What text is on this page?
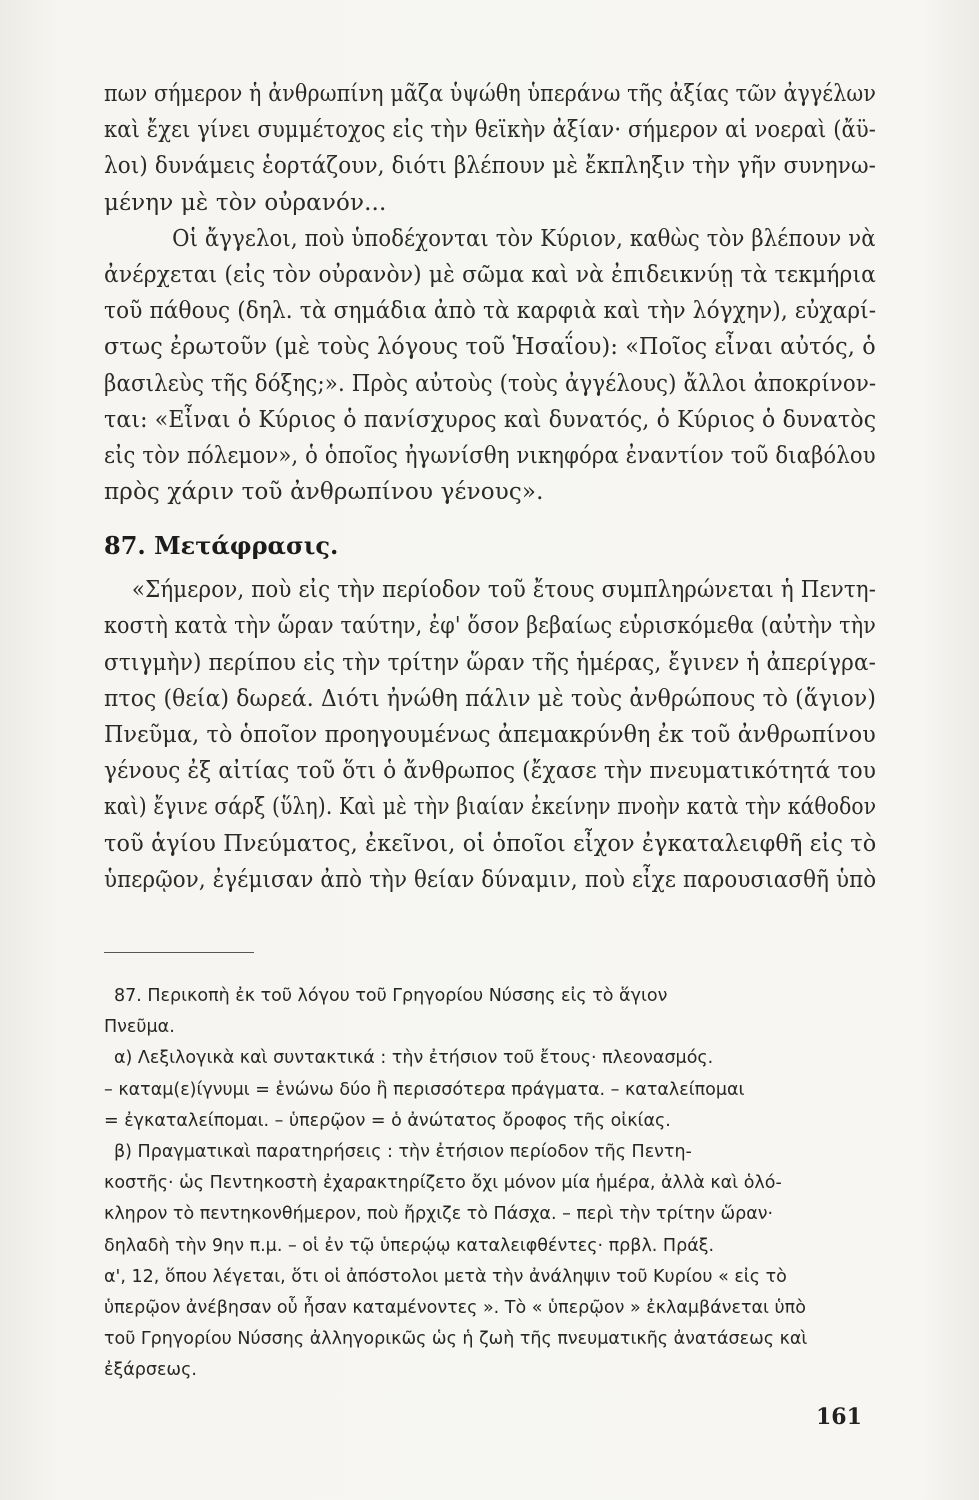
πων σήμερον ἡ ἀνθρωπίνη μᾶζα ὑψώθη ὑπεράνω τῆς ἀξίας τῶν ἀγγέλων
καὶ ἔχει γίνει συμμέτοχος εἰς τὴν θεϊκὴν ἀξίαν· σήμερον αἱ νοεραὶ (ἄϋ-
λοι) δυνάμεις ἑορτάζουν, διότι βλέπουν μὲ ἔκπληξιν τὴν γῆν συνηνω-
μένην μὲ τὸν οὐρανόν...
Οἱ ἄγγελοι, ποὺ ὑποδέχονται τὸν Κύριον, καθὼς τὸν βλέπουν νὰ
ἀνέρχεται (εἰς τὸν οὐρανὸν) μὲ σῶμα καὶ νὰ ἐπιδεικνύῃ τὰ τεκμήρια
τοῦ πάθους (δηλ. τὰ σημάδια ἀπὸ τὰ καρφιὰ καὶ τὴν λόγχην), εὐχαρί-
στως ἐρωτοῦν (μὲ τοὺς λόγους τοῦ Ἡσαΐου): «Ποῖος εἶναι αὐτός, ὁ
βασιλεὺς τῆς δόξης;». Πρὸς αὐτοὺς (τοὺς ἀγγέλους) ἄλλοι ἀποκρίνον-
ται: «Εἶναι ὁ Κύριος ὁ πανίσχυρος καὶ δυνατός, ὁ Κύριος ὁ δυνατὸς
εἰς τὸν πόλεμον», ὁ ὁποῖος ἠγωνίσθη νικηφόρα ἐναντίον τοῦ διαβόλου
πρὸς χάριν τοῦ ἀνθρωπίνου γένους».
87. Μετάφρασις.
«Σήμερον, ποὺ εἰς τὴν περίοδον τοῦ ἔτους συμπληρώνεται ἡ Πεντη-
κοστὴ κατὰ τὴν ὥραν ταύτην, ἐφ' ὅσον βεβαίως εὑρισκόμεθα (αὐτὴν τὴν
στιγμὴν) περίπου εἰς τὴν τρίτην ὥραν τῆς ἡμέρας, ἔγινεν ἡ ἀπερίγρα-
πτος (θεία) δωρεά. Διότι ἠνώθη πάλιν μὲ τοὺς ἀνθρώπους τὸ (ἅγιον)
Πνεῦμα, τὸ ὁποῖον προηγουμένως ἀπεμακρύνθη ἐκ τοῦ ἀνθρωπίνου
γένους ἐξ αἰτίας τοῦ ὅτι ὁ ἄνθρωπος (ἔχασε τὴν πνευματικότητά του
καὶ) ἔγινε σάρξ (ὕλη). Καὶ μὲ τὴν βιαίαν ἐκείνην πνοὴν κατὰ τὴν κάθοδον
τοῦ ἁγίου Πνεύματος, ἐκεῖνοι, οἱ ὁποῖοι εἶχον ἐγκαταλειφθῆ εἰς τὸ
ὑπερῷον, ἐγέμισαν ἀπὸ τὴν θείαν δύναμιν, ποὺ εἶχε παρουσιασθῆ ὑπὸ
87. Περικοπὴ ἐκ τοῦ λόγου τοῦ Γρηγορίου Νύσσης εἰς τὸ ἅγιον
Πνεῦμα.
α) Λεξιλογικὰ καὶ συντακτικά : τὴν ἐτήσιον τοῦ ἔτους· πλεονασμός.
– καταμ(ε)ίγνυμι = ἑνώνω δύο ἢ περισσότερα πράγματα. – καταλείπομαι
= ἐγκαταλείπομαι. – ὑπερῷον = ὁ ἀνώτατος ὄροφος τῆς οἰκίας.
β) Πραγματικαὶ παρατηρήσεις : τὴν ἐτήσιον περίοδον τῆς Πεντη-
κοστῆς· ὡς Πεντηκοστὴ ἐχαρακτηρίζετο ὄχι μόνον μία ἡμέρα, ἀλλὰ καὶ ὁλό-
κληρον τὸ πεντηκονθήμερον, ποὺ ἤρχιζε τὸ Πάσχα. – περὶ τὴν τρίτην ὥραν·
δηλαδὴ τὴν 9ην π.μ. – οἱ ἐν τῷ ὑπερῴῳ καταλειφθέντες· πρβλ. Πράξ.
α', 12, ὅπου λέγεται, ὅτι οἱ ἀπόστολοι μετὰ τὴν ἀνάληψιν τοῦ Κυρίου « εἰς τὸ
ὑπερῷον ἀνέβησαν οὗ ἦσαν καταμένοντες ». Τὸ « ὑπερῷον » ἐκλαμβάνεται ὑπὸ
τοῦ Γρηγορίου Νύσσης ἀλληγορικῶς ὡς ἡ ζωὴ τῆς πνευματικῆς ἀνατάσεως καὶ
ἐξάρσεως.
161
